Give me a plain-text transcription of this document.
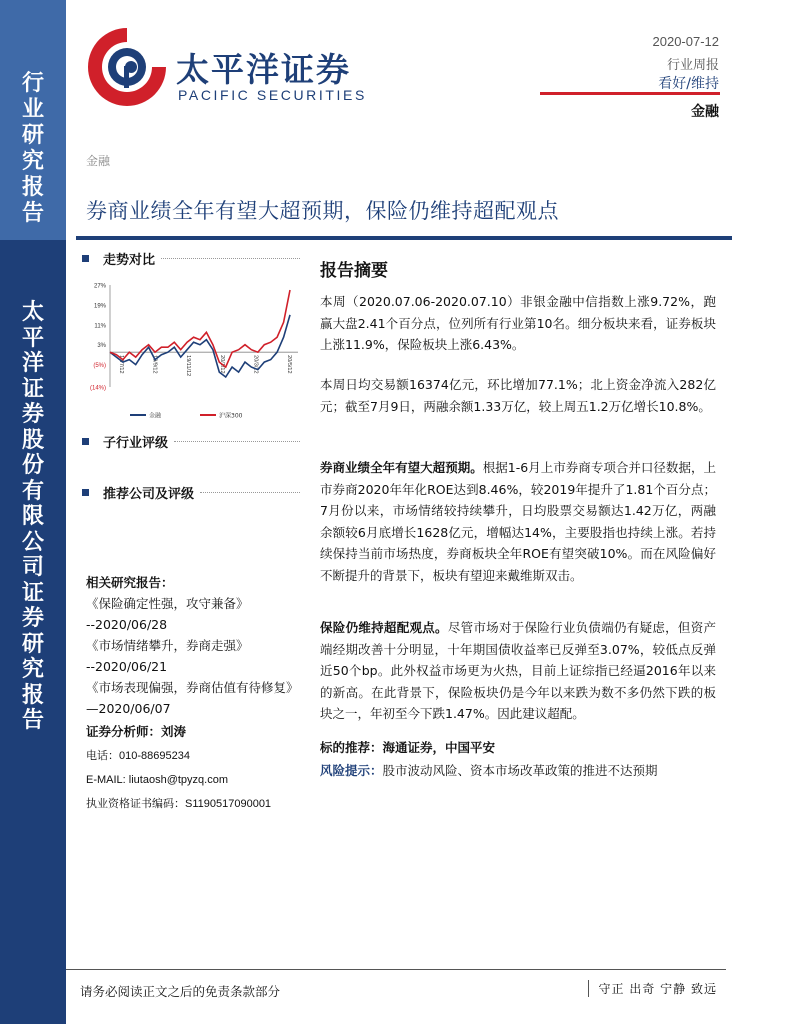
行
业
研
究
报
告
太
平
洋
证
券
股
份
有
限
公
司
证
券
研
究
报
告
太平洋证券
PACIFIC SECURITIES
2020-07-12
行业周报
看好/维持
金融
金融
券商业绩全年有望大超预期，保险仍维持超配观点
走势对比
27%
19%
11%
3%
(5%)
(14%)
19/7/12	19/9/12	19/11/12	20/1/12	20/3/12	20/5/12
金融	沪深300
子行业评级
推荐公司及评级
相关研究报告：
《保险确定性强，攻守兼备》
--2020/06/28
《市场情绪攀升，券商走强》
--2020/06/21
《市场表现偏强，券商估值有待修复》
—2020/06/07
证券分析师：刘涛
电话：010-88695234
E-MAIL: liutaosh@tpyzq.com
执业资格证书编码：S1190517090001
报告摘要
本周（2020.07.06-2020.07.10）非银金融中信指数上涨9.72%，跑赢大盘2.41个百分点，位列所有行业第10名。细分板块来看，证券板块上涨11.9%，保险板块上涨6.43%。
本周日均交易额16374亿元，环比增加77.1%；北上资金净流入282亿元；截至7月9日，两融余额1.33万亿，较上周五1.2万亿增长10.8%。
券商业绩全年有望大超预期。根据1-6月上市券商专项合并口径数据，上市券商2020年年化ROE达到8.46%，较2019年提升了1.81个百分点；7月份以来，市场情绪较持续攀升，日均股票交易额达1.42万亿，两融余额较6月底增长1628亿元，增幅达14%，主要股指也持续上涨。若持续保持当前市场热度，券商板块全年ROE有望突破10%。而在风险偏好不断提升的背景下，板块有望迎来戴维斯双击。
保险仍维持超配观点。尽管市场对于保险行业负债端仍有疑虑，但资产端经期改善十分明显，十年期国债收益率已反弹至3.07%，较低点反弹近50个bp。此外权益市场更为火热，目前上证综指已经逼2016年以来的新高。在此背景下，保险板块仍是今年以来跌为数不多仍然下跌的板块之一，年初至今下跌1.47%。因此建议超配。
标的推荐：海通证券，中国平安
风险提示：股市波动风险、资本市场改革政策的推进不达预期
请务必阅读正文之后的免责条款部分	守正 出奇 宁静 致远
